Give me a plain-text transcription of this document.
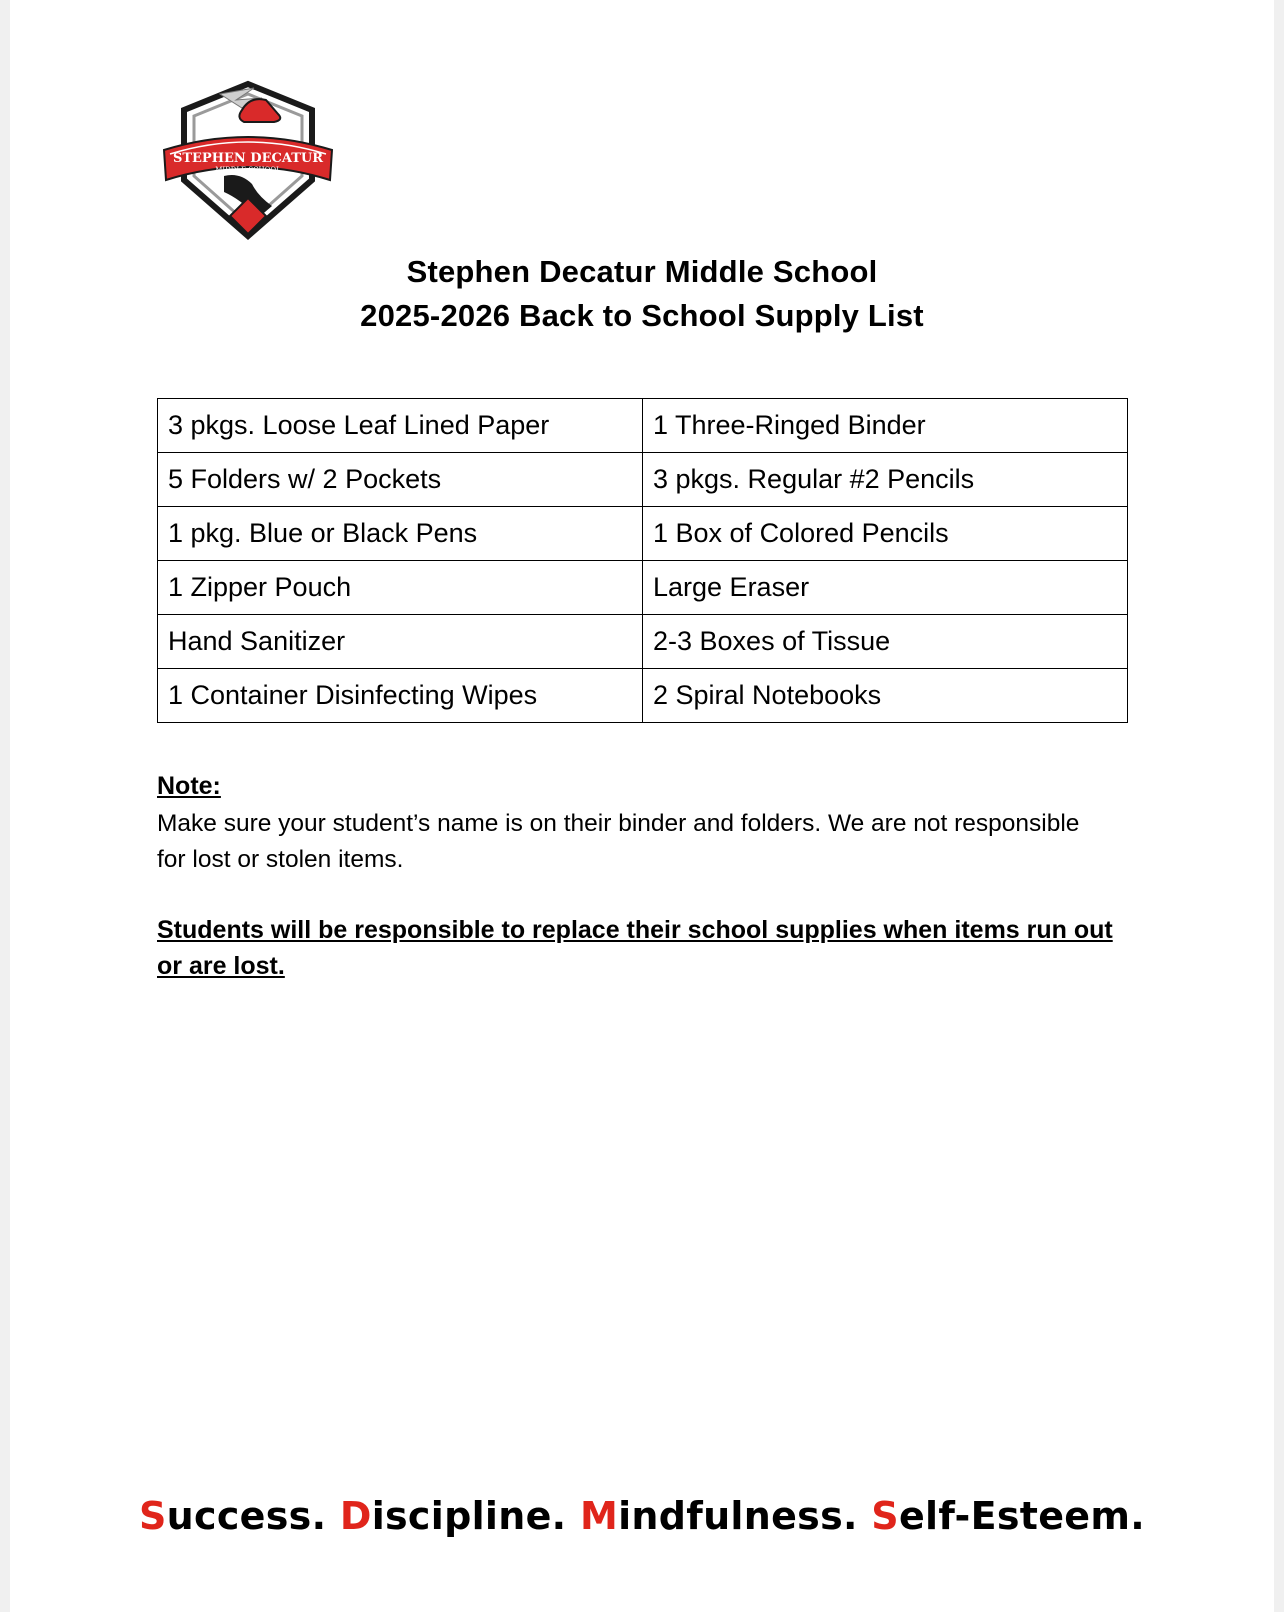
STEPHEN DECATUR
MIDDLE SCHOOL
Stephen Decatur Middle School
2025-2026 Back to School Supply List
3 pkgs. Loose Leaf Lined Paper	1 Three-Ringed Binder
5 Folders w/ 2 Pockets	3 pkgs. Regular #2 Pencils
1 pkg. Blue or Black Pens	1 Box of Colored Pencils
1 Zipper Pouch	Large Eraser
Hand Sanitizer	2-3 Boxes of Tissue
1 Container Disinfecting Wipes	2 Spiral Notebooks
Note:
Make sure your student’s name is on their binder and folders. We are not responsible for lost or stolen items.
Students will be responsible to replace their school supplies when items run out or are lost.
Success. Discipline. Mindfulness. Self-Esteem.
